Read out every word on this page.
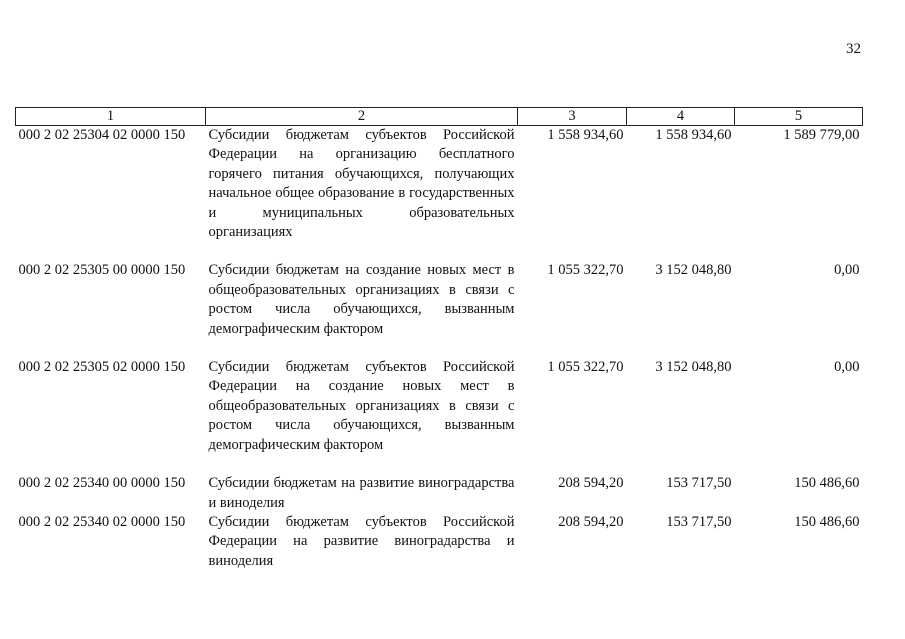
32
1	2	3	4	5
000 2 02 25304 02 0000 150	Субсидии бюджетам субъектов Российской Федерации на организацию бесплатного горячего питания обучающихся, получающих начальное общее образование в государственных и муниципальных образовательных организациях	1 558 934,60	1 558 934,60	1 589 779,00
000 2 02 25305 00 0000 150	Субсидии бюджетам на создание новых мест в общеобразовательных организациях в связи с ростом числа обучающихся, вызванным демографическим фактором	1 055 322,70	3 152 048,80	0,00
000 2 02 25305 02 0000 150	Субсидии бюджетам субъектов Российской Федерации на создание новых мест в общеобразовательных организациях в связи с ростом числа обучающихся, вызванным демографическим фактором	1 055 322,70	3 152 048,80	0,00
000 2 02 25340 00 0000 150	Субсидии бюджетам на развитие виноградарства и виноделия	208 594,20	153 717,50	150 486,60
000 2 02 25340 02 0000 150	Субсидии бюджетам субъектов Российской Федерации на развитие виноградарства и виноделия	208 594,20	153 717,50	150 486,60
